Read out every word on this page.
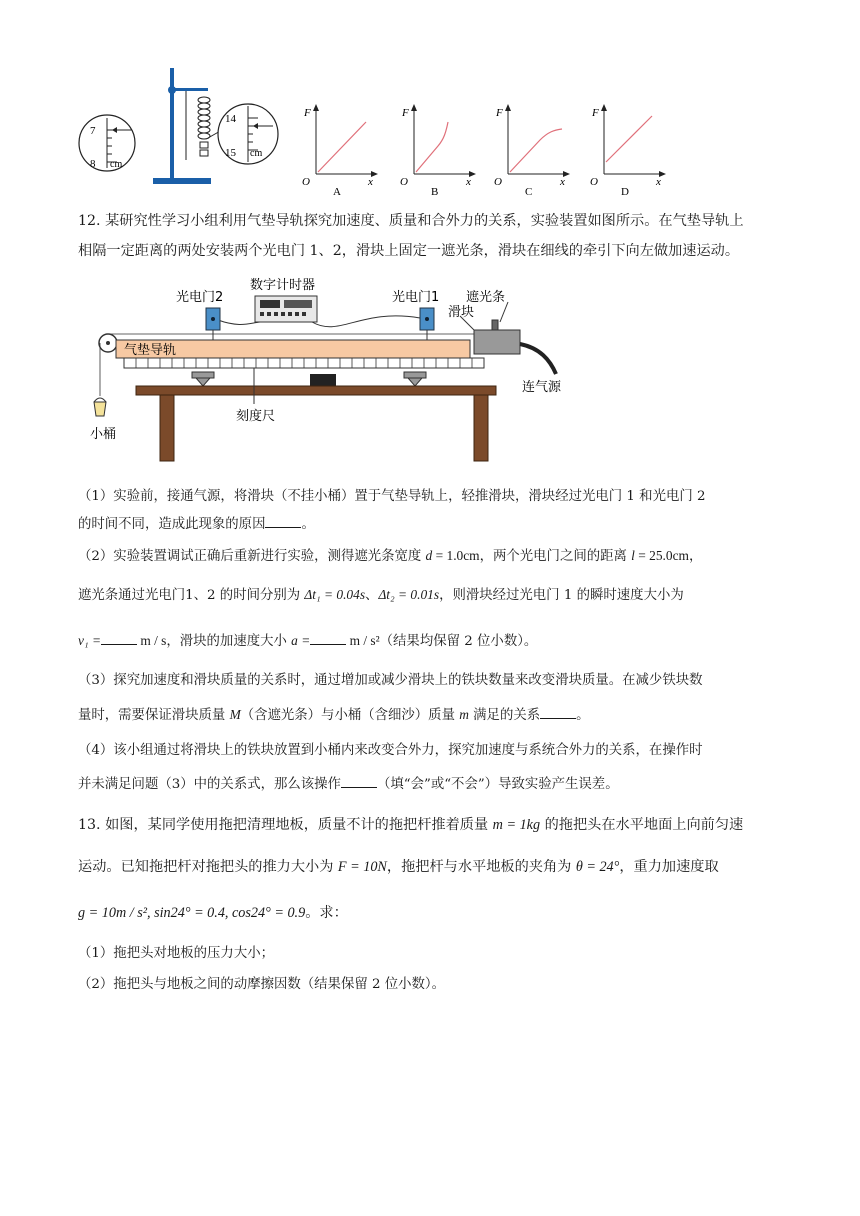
7
8 cm
14
15 cm
F
O	x
A
F
O	x
B
F
O	x
C
F
O	x
D
12. 某研究性学习小组利用气垫导轨探究加速度、质量和合外力的关系，实验装置如图所示。在气垫导轨上
相隔一定距离的两处安装两个光电门 1、2，滑块上固定一遮光条，滑块在细线的牵引下向左做加速运动。
数字计时器
光电门2	光电门1 遮光条
滑块
气垫导轨
连气源
刻度尺
小桶
（1）实验前，接通气源，将滑块（不挂小桶）置于气垫导轨上，轻推滑块，滑块经过光电门 1 和光电门 2
的时间不同，造成此现象的原因	。
（2）实验装置调试正确后重新进行实验，测得遮光条宽度 d = 1.0cm，两个光电门之间的距离 l = 25.0cm，
遮光条通过光电门1、2 的时间分别为 Δt₁ = 0.04s、Δt₂ = 0.01s，则滑块经过光电门 1 的瞬时速度大小为
v₁ =	m / s，滑块的加速度大小 a =	m / s²（结果均保留 2 位小数）。
（3）探究加速度和滑块质量的关系时，通过增加或减少滑块上的铁块数量来改变滑块质量。在减少铁块数
量时，需要保证滑块质量 M（含遮光条）与小桶（含细沙）质量 m 满足的关系	。
（4）该小组通过将滑块上的铁块放置到小桶内来改变合外力，探究加速度与系统合外力的关系，在操作时
并未满足问题（3）中的关系式，那么该操作	（填“会”或“不会”）导致实验产生误差。
13. 如图，某同学使用拖把清理地板，质量不计的拖把杆推着质量 m = 1kg 的拖把头在水平地面上向前匀速
运动。已知拖把杆对拖把头的推力大小为 F = 10N，拖把杆与水平地板的夹角为 θ = 24°，重力加速度取
g = 10m / s², sin24° = 0.4, cos24° = 0.9。求：
（1）拖把头对地板的压力大小；
（2）拖把头与地板之间的动摩擦因数（结果保留 2 位小数）。
